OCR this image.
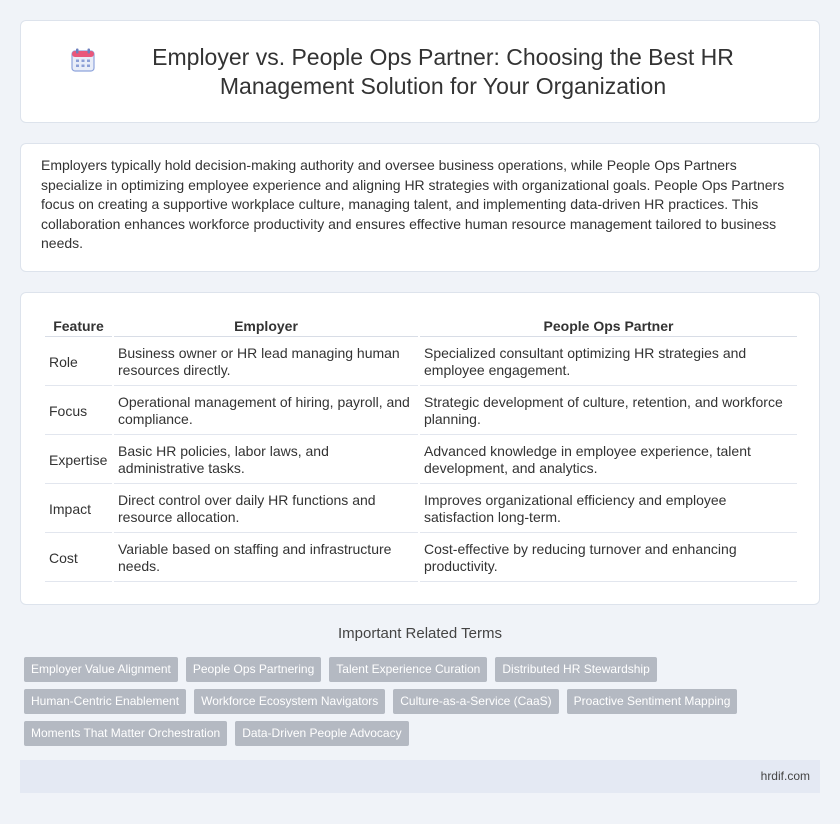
Employer vs. People Ops Partner: Choosing the Best HR Management Solution for Your Organization

Employers typically hold decision-making authority and oversee business operations, while People Ops Partners specialize in optimizing employee experience and aligning HR strategies with organizational goals. People Ops Partners focus on creating a supportive workplace culture, managing talent, and implementing data-driven HR practices. This collaboration enhances workforce productivity and ensures effective human resource management tailored to business needs.

Feature	Employer	People Ops Partner
Role	Business owner or HR lead managing human resources directly.	Specialized consultant optimizing HR strategies and employee engagement.
Focus	Operational management of hiring, payroll, and compliance.	Strategic development of culture, retention, and workforce planning.
Expertise	Basic HR policies, labor laws, and administrative tasks.	Advanced knowledge in employee experience, talent development, and analytics.
Impact	Direct control over daily HR functions and resource allocation.	Improves organizational efficiency and employee satisfaction long-term.
Cost	Variable based on staffing and infrastructure needs.	Cost-effective by reducing turnover and enhancing productivity.
Important Related Terms
Employer Value Alignment	People Ops Partnering	Talent Experience Curation	Distributed HR Stewardship
Human-Centric Enablement	Workforce Ecosystem Navigators	Culture-as-a-Service (CaaS)	Proactive Sentiment Mapping
Moments That Matter Orchestration	Data-Driven People Advocacy
hrdif.com
